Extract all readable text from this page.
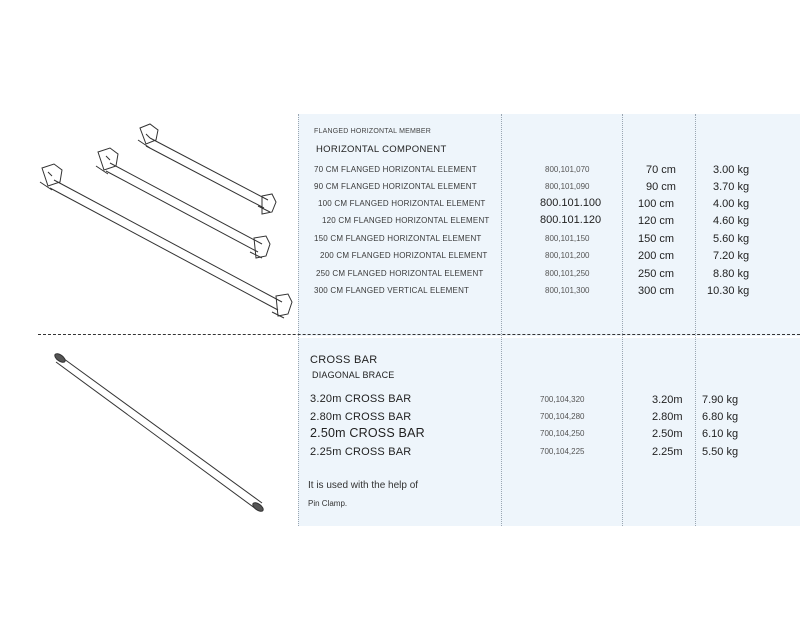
FLANGED HORIZONTAL MEMBER
HORIZONTAL COMPONENT
70 CM FLANGED HORIZONTAL ELEMENT	800,101,070	70 cm	3.00 kg
90 CM FLANGED HORIZONTAL ELEMENT	800,101,090	90 cm	3.70 kg
100 CM FLANGED HORIZONTAL ELEMENT	800.101.100	100 cm	4.00 kg
120 CM FLANGED HORIZONTAL ELEMENT	800.101.120	120 cm	4.60 kg
150 CM FLANGED HORIZONTAL ELEMENT	800,101,150	150 cm	5.60 kg
200 CM FLANGED HORIZONTAL ELEMENT	800,101,200	200 cm	7.20 kg
250 CM FLANGED HORIZONTAL ELEMENT	800,101,250	250 cm	8.80 kg
300 CM FLANGED VERTICAL ELEMENT	800,101,300	300 cm	10.30 kg
CROSS BAR
DIAGONAL BRACE
3.20m CROSS BAR	700,104,320	3.20m 7.90 kg
2.80m CROSS BAR	700,104,280	2.80m 6.80 kg
2.50m CROSS BAR	700,104,250	2.50m 6.10 kg
2.25m CROSS BAR	700,104,225	2.25m 5.50 kg
It is used with the help of
Pin Clamp.
